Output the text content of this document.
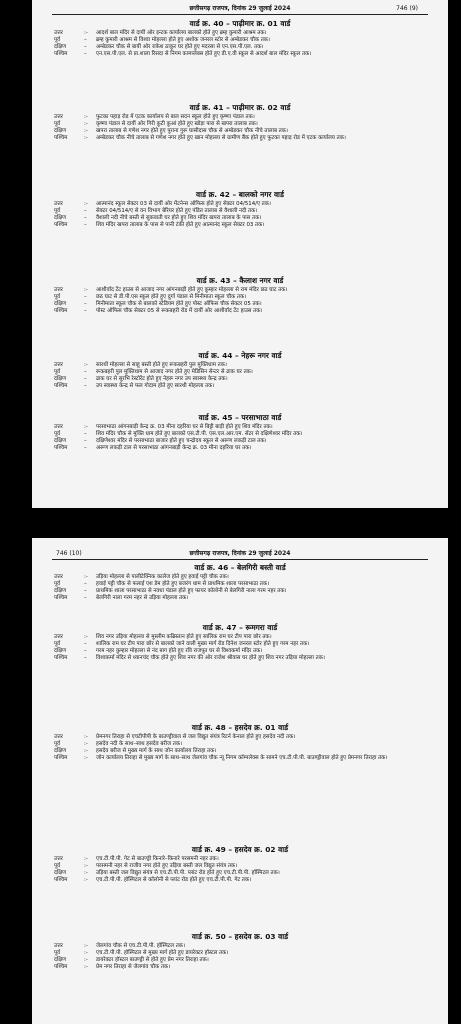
छत्तीसगढ़ राजपत्र, दिनांक 29 जुलाई 2024	746 (9)
वार्ड क्र. 40 – पाढ़ीमार क्र. 01 वार्ड
उत्तर	:-	आदर्श बाल मंदिर से दायीं ओर इन्टक कार्यालय बालको होते हुए ब्रम्ह कुमारी आश्रम तक।
पूर्व	–	ब्रम्ह कुमारी आश्रम से विश्वा मोहल्ला होते हुए अशोक जनरल स्टोर से अम्बेडकर चौक तक।
दक्षिण	–	अम्बेडकर चौक से बायीं ओर राकेश ठाकुर घर होते हुए मदरसा से एन.एस.पी.एल. तक।
पश्चिम	–	एन.एस.पी.एल. से प्रा.शाला रिसदा से निगम कामप्लेक्स होते हुए डी.ए.वी स्कूल से आदर्श बाल मंदिर स्कूल तक।
वार्ड क्र. 41 – पाढ़ीमार क्र. 02 वार्ड
उत्तर	:-	फुटका पहाड़ रोड में एटक कार्यालय से बाल सदन स्कूल होते हुए कृष्णा पंडाल तक।
पूर्व	:-	कृष्णा पंडाल से दायीं ओर गिरी कुटी कुआं होते हुए खोड़ा पारा से खपरा तालाब तक।
दक्षिण	:-	खपरा तालाब से गणेश नगर होते हुए पुराना गुरू घासीदास चौक से अम्बेडकर चौक नीचे तालाब तक।
पश्चिम	:-	अम्बेडकर चौक नीचे तालाब से गणेश नगर होते हुए खान मोहल्ला से ग्रामीण बैंक होते हुए फुटका पहाड़ रोड में एटक कार्यालय तक।
वार्ड क्र. 42 – बालको नगर वार्ड
उत्तर	:-	आत्मानंद स्कूल सेक्टर 03 से दायीं ओर मेंटनेन्स ऑफिस होते हुए सेक्टर 04/514/ए तक।
पूर्व	–	सेक्टर 04/514/ए से वन विभाग बेरियर होते हुए पंडित तालाब से वैशाली नदी तक।
दक्षिण	–	वैशाली नदी नीचे बस्ती से सुकवाती घर होते हुए शिव मंदिर खपरा तालाब के पास तक।
पश्चिम	–	शिव मंदिर खपरा तालाब के पास से पानी टंकी होते हुए आत्मानंद स्कूल सेक्टर 03 तक।
वार्ड क्र. 43 – कैलाश नगर वार्ड
उत्तर	:-	आशीर्वाद टेंट हाउस से आजाद नगर आंगनबाड़ी होते हुए कुम्हार मोहल्ला से राम मंदिर छठ घाट तक।
पूर्व	–	छठ घाट से डी.पी.एस स्कूल होते हुए दुर्गा पंडाल से मिनीमाता स्कूल चौक तक।
दक्षिण	–	मिनीमाता स्कूल चौक से बालको स्टेडियम होते हुए पोस्ट ऑफिस चौक सेक्टर 05 तक।
पश्चिम	–	पोस्ट ऑफिस चौक सेक्टर 05 से रूकबहरी रोड में दायीं ओर आशीर्वाद टेंट हाउस तक।
वार्ड क्र. 44 – नेहरू नगर वार्ड
उत्तर	:-	सारथी मोहल्ला से साहू बस्ती होते हुए रूकबहरी पुल मुक्तिधाम तक।
पूर्व	–	रूकबहरी पुल मुक्तिधाम से आजाद नगर होते हुए मेडिसिन सेन्टर से ढाक घर तक।
दक्षिण	–	ढाक घर से सुरभि रेस्टोरेंट होते हुए नेहरू नगर उप स्वास्थ्य केन्द्र तक।
पश्चिम	–	उप स्वास्थ्य केन्द्र से फल गोदाम होते हुए सारथी मोहल्ला तक।
वार्ड क्र. 45 – परसाभाठा वार्ड
उत्तर	:-	परसाभाठा आंगनबाड़ी केन्द्र क्र. 03 मीना दहरिया घर से बिट्टी बाड़ी होते हुए शिव मंदिर तक।
पूर्व	–	शिव मंदिर चौक से मुक्ति धाम होते हुए बालको एस.टी.पी. एस.एल.आर.एम. सेंटर से दक्षिणेश्वर मंदिर तक।
दक्षिण	–	दक्षिणेश्वर मंदिर से परसाभाठा बाजार होते हुए चन्द्रोदय स्कूल से अरूण लकड़ी टाल तक।
पश्चिम	–	अरूण लकड़ी टाल से परसाभाठा आंगनबाड़ी केन्द्र क्र. 03 मीना दहरिया घर तक।
746 (10)	छत्तीसगढ़ राजपत्र, दिनांक 29 जुलाई 2024
वार्ड क्र. 46 – बेलगिरी बस्ती वार्ड
उत्तर	:-	उड़िया मोहल्ला से पालीटेक्निक कालेज होते हुए हवाई पट्टी चौक तक।
पूर्व	–	हवाई पट्टी चौक से फलाई एश डेम होते हुए बजरंग धाम से प्राथमिक शाला परसाभाठा तक।
दक्षिण	–	प्राथमिक शाला परसाभाठा से नवधा पंडाल होते हुए फायर कॉलोनी से बेलगिरी नाला गरम नहर तक।
पश्चिम	–	बेलगिरी नाला गरम नहर से उड़िया मोहल्ला तक।
वार्ड क्र. 47 – रूमगरा वार्ड
उत्तर	:-	शिव नगर उड़िया मोहल्ला से मुस्लीम कब्रिस्तान होते हुए सालिक राम घर टीप पारा छोर तक।
पूर्व	–	शालिक राम घर टीप पारा छोर से बालको जाने वाली मुख्य मार्ग रोड दिनेश जनरल स्टोर होते हुए गरम नहर तक।
दक्षिण	–	गरम नहर कुम्हार मोहल्ला से नंद बाग होते हुए रवि राजपूत घर से विश्वकर्मा मंदिर तक।
पश्चिम	–	विश्वकर्मा मंदिर से ध्यानचंद चौक होते हुए शिव नगर की ओर राजेश श्रीवास घर होते हुए शिव नगर उड़िया मोहल्ला तक।
वार्ड क्र. 48 – हसदेव क्र. 01 वार्ड
उत्तर	:-	प्रेमनगर तिराहा से एचटीपीपी के बाउण्ड्रीवाल से जल विद्युत संयंत्र रिटर्न केनाल होते हुए हसदेव नदी तक।
पूर्व	:-	हसदेव नदी के साथ–साथ हसदेव बरीज तक।
दक्षिण	:-	हसदेव बरीज से मुख्य मार्ग के साथ जोन कार्यालय तिराहा तक।
पश्चिम	:-	जोन कार्यालय तिराहा से मुख्य मार्ग के साथ–साथ जेलगांव चौक न्यू निगम कॉम्पलेक्स के सामने एच.टी.पी.पी. बाउण्ड्रीवाल होते हुए प्रेमनगर तिराहा तक।
वार्ड क्र. 49 – हसदेव क्र. 02 वार्ड
उत्तर	:-	एच.टी.पी.पी. गेट से बाउण्ड्री किनारे–किनारे परसमनी नहर तक।
पूर्व	:-	परसमनी नहर से राजीव नगर होते हुए उड़िया बस्ती जल विद्युत संयंत्र तक।
दक्षिण	:-	उड़िया बस्ती जल विद्युत संयंत्र से एच.टी.पी.पी. प्लांट रोड होते हुए एच.टी.पी.पी. हॉस्पिटल तक।
पश्चिम	:-	एच.टी.पी.पी. हॉस्पिटल से कॉलोनी से प्लांट रोड होते हुए एच.टी.पी.पी. गेट तक।
वार्ड क्र. 50 – हसदेव क्र. 03 वार्ड
उत्तर	:-	जेलगांव चौक से एच.टी.पी.पी. हॉस्पिटल तक।
पूर्व	:-	एच.टी.पी.पी. हॉस्पिटल से मुख्य मार्ग होते हुए डायरेक्टर हॉस्टल तक।
दक्षिण	:-	डायरेक्टर हॉस्टल बाउण्ड्री से होते हुए प्रेम नगर तिराहा तक।
पश्चिम	:-	प्रेम नगर तिराहा से जेलगांव चौक तक।
